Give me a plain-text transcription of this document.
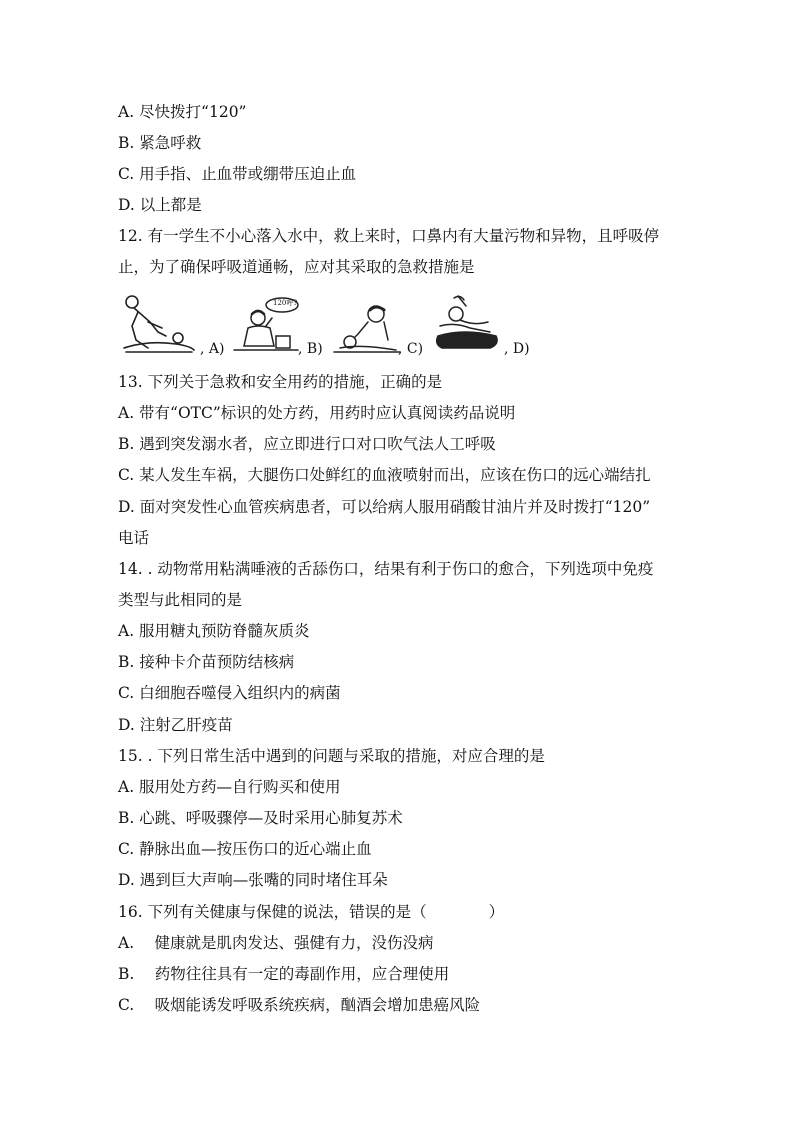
A. 尽快拨打“120”
B. 紧急呼救
C. 用手指、止血带或绷带压迫止血
D. 以上都是
12. 有一学生不小心落入水中，救上来时，口鼻内有大量污物和异物，且呼吸停
止，为了确保呼吸道通畅，应对其采取的急救措施是
, A)
120呼?
, B)	, C)	, D)
13. 下列关于急救和安全用药的措施，正确的是
A. 带有“OTC”标识的处方药，用药时应认真阅读药品说明
B. 遇到突发溺水者，应立即进行口对口吹气法人工呼吸
C. 某人发生车祸，大腿伤口处鲜红的血液喷射而出，应该在伤口的远心端结扎
D. 面对突发性心血管疾病患者，可以给病人服用硝酸甘油片并及时拨打“120”
电话
14. . 动物常用粘满唾液的舌舔伤口，结果有利于伤口的愈合，下列选项中免疫
类型与此相同的是
A. 服用糖丸预防脊髓灰质炎
B. 接种卡介苗预防结核病
C. 白细胞吞噬侵入组织内的病菌
D. 注射乙肝疫苗
15. . 下列日常生活中遇到的问题与采取的措施，对应合理的是
A. 服用处方药—自行购买和使用
B. 心跳、呼吸骤停—及时采用心肺复苏术
C. 静脉出血—按压伤口的近心端止血
D. 遇到巨大声响—张嘴的同时堵住耳朵
16. 下列有关健康与保健的说法，错误的是（　　　　）
A.　 健康就是肌肉发达、强健有力，没伤没病
B.　 药物往往具有一定的毒副作用，应合理使用
C.　 吸烟能诱发呼吸系统疾病，酗酒会增加患癌风险
